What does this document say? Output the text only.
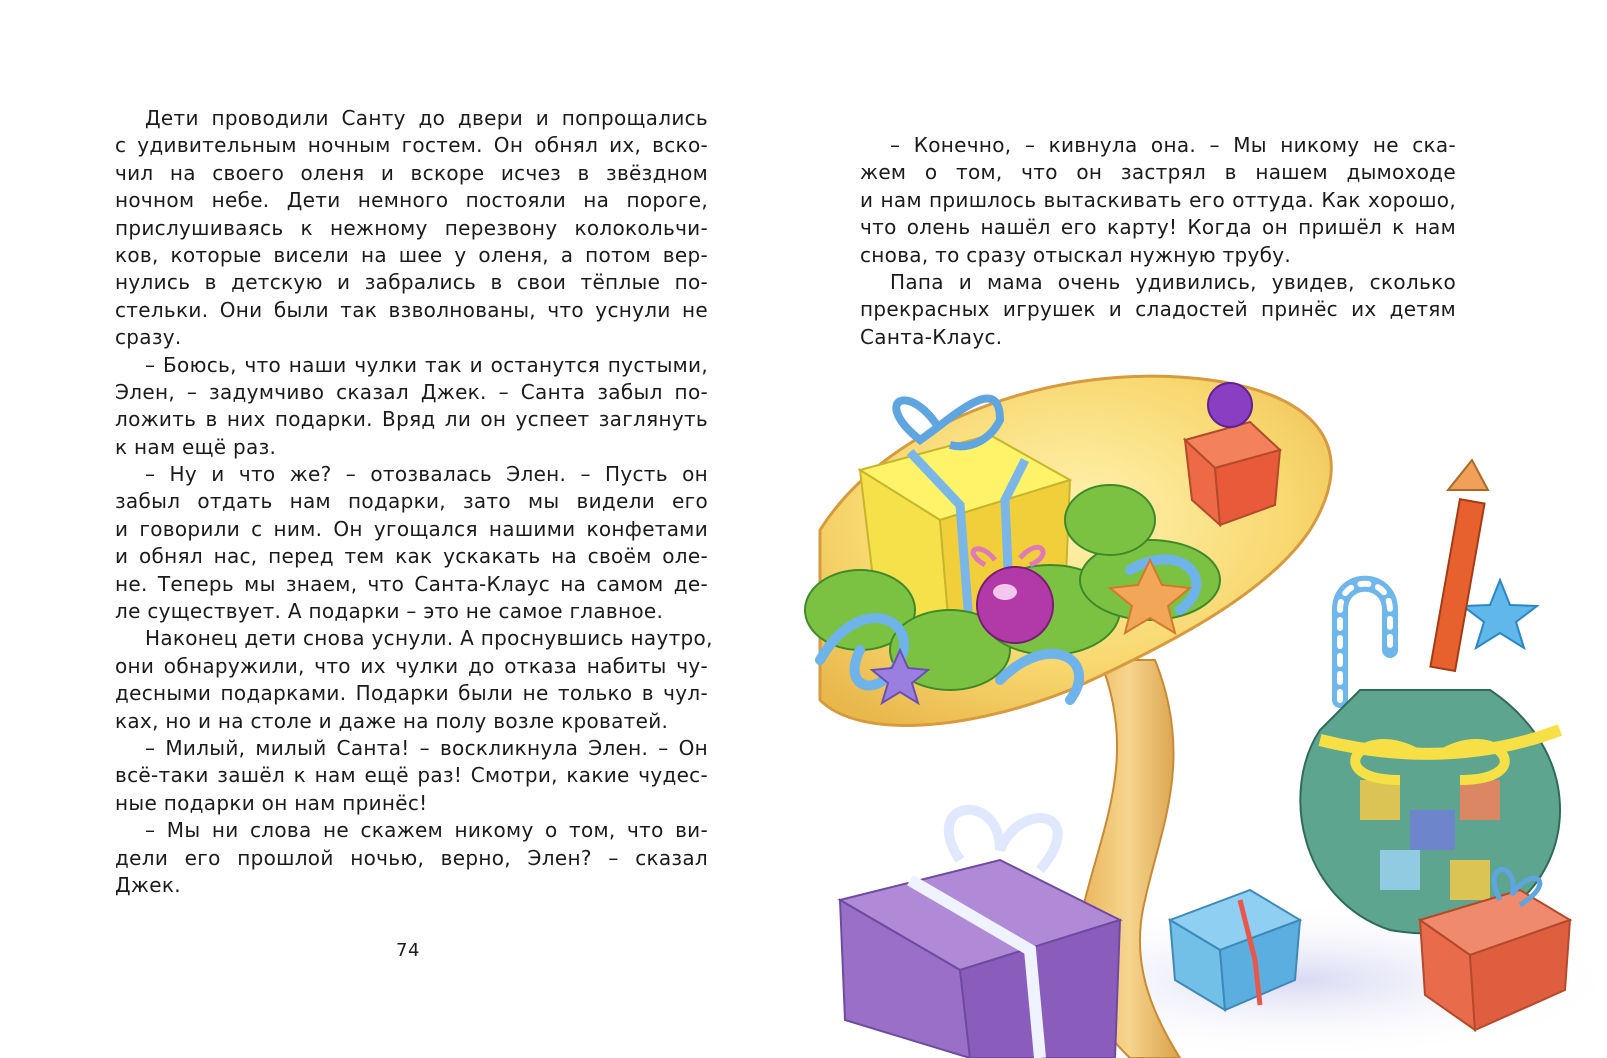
Дети проводили Санту до двери и попрощались
с удивительным ночным гостем. Он обнял их, вско-
чил на своего оленя и вскоре исчез в звёздном
ночном небе. Дети немного постояли на пороге,
прислушиваясь к нежному перезвону колокольчи-
ков, которые висели на шее у оленя, а потом вер-
нулись в детскую и забрались в свои тёплые по-
стельки. Они были так взволнованы, что уснули не
сразу.
– Боюсь, что наши чулки так и останутся пустыми,
Элен, – задумчиво сказал Джек. – Санта забыл по-
ложить в них подарки. Вряд ли он успеет заглянуть
к нам ещё раз.
– Ну и что же? – отозвалась Элен. – Пусть он
забыл отдать нам подарки, зато мы видели его
и говорили с ним. Он угощался нашими конфетами
и обнял нас, перед тем как ускакать на своём оле-
не. Теперь мы знаем, что Санта-Клаус на самом де-
ле существует. А подарки – это не самое главное.
Наконец дети снова уснули. А проснувшись наутро,
они обнаружили, что их чулки до отказа набиты чу-
десными подарками. Подарки были не только в чул-
ках, но и на столе и даже на полу возле кроватей.
– Милый, милый Санта! – воскликнула Элен. – Он
всё-таки зашёл к нам ещё раз! Смотри, какие чудес-
ные подарки он нам принёс!
– Мы ни слова не скажем никому о том, что ви-
дели его прошлой ночью, верно, Элен? – сказал
Джек.
74
– Конечно, – кивнула она. – Мы никому не ска-
жем о том, что он застрял в нашем дымоходе
и нам пришлось вытаскивать его оттуда. Как хорошо,
что олень нашёл его карту! Когда он пришёл к нам
снова, то сразу отыскал нужную трубу.
Папа и мама очень удивились, увидев, сколько
прекрасных игрушек и сладостей принёс их детям
Санта-Клаус.
